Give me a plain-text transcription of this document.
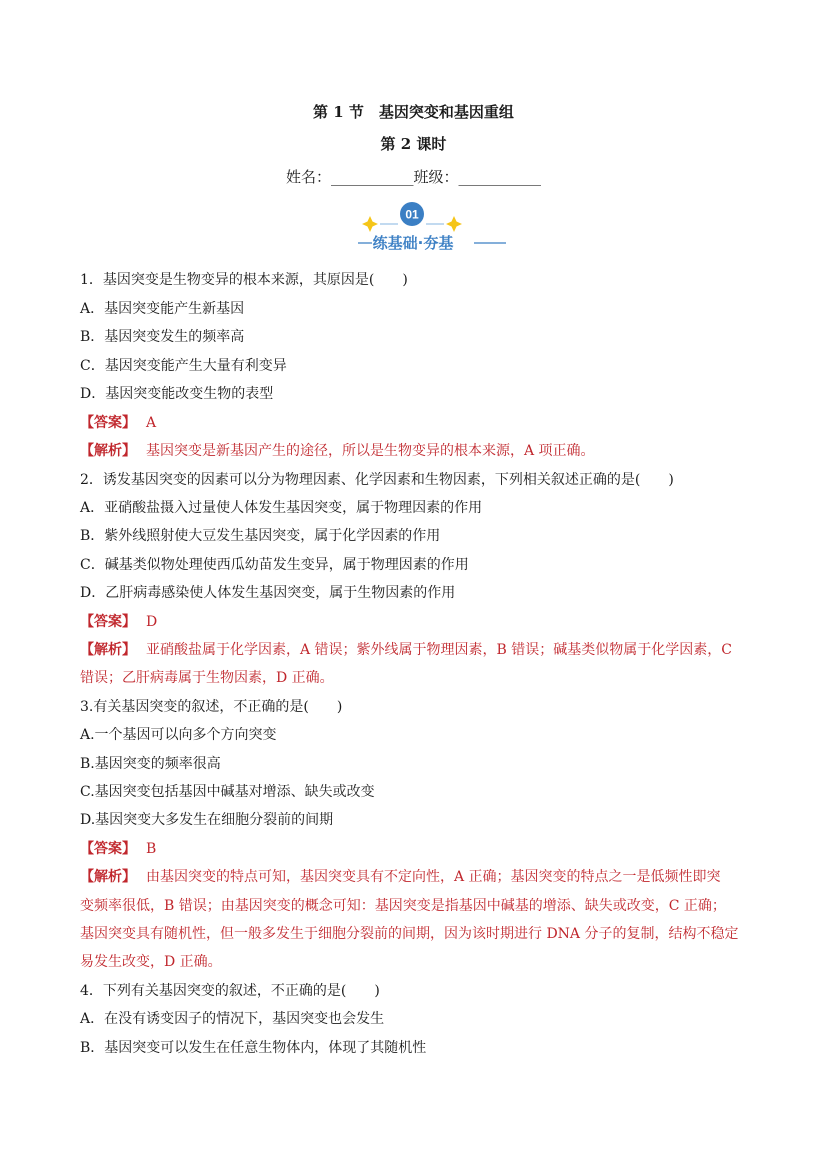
第 1 节　基因突变和基因重组
第 2 课时
姓名：___________班级：___________
01
练基础·夯基
1．基因突变是生物变异的根本来源，其原因是(　　)
A．基因突变能产生新基因
B．基因突变发生的频率高
C．基因突变能产生大量有利变异
D．基因突变能改变生物的表型
【答案】 A
【解析】 基因突变是新基因产生的途径，所以是生物变异的根本来源，A 项正确。
2．诱发基因突变的因素可以分为物理因素、化学因素和生物因素，下列相关叙述正确的是(　　)
A．亚硝酸盐摄入过量使人体发生基因突变，属于物理因素的作用
B．紫外线照射使大豆发生基因突变，属于化学因素的作用
C．碱基类似物处理使西瓜幼苗发生变异，属于物理因素的作用
D．乙肝病毒感染使人体发生基因突变，属于生物因素的作用
【答案】 D
【解析】 亚硝酸盐属于化学因素，A 错误；紫外线属于物理因素，B 错误；碱基类似物属于化学因素，C
错误；乙肝病毒属于生物因素，D 正确。
3.有关基因突变的叙述，不正确的是(　　)
A.一个基因可以向多个方向突变
B.基因突变的频率很高
C.基因突变包括基因中碱基对增添、缺失或改变
D.基因突变大多发生在细胞分裂前的间期
【答案】 B
【解析】 由基因突变的特点可知，基因突变具有不定向性，A 正确；基因突变的特点之一是低频性即突
变频率很低，B 错误；由基因突变的概念可知：基因突变是指基因中碱基的增添、缺失或改变，C 正确；
基因突变具有随机性，但一般多发生于细胞分裂前的间期，因为该时期进行 DNA 分子的复制，结构不稳定
易发生改变，D 正确。
4．下列有关基因突变的叙述，不正确的是(　　)
A．在没有诱变因子的情况下，基因突变也会发生
B．基因突变可以发生在任意生物体内，体现了其随机性
